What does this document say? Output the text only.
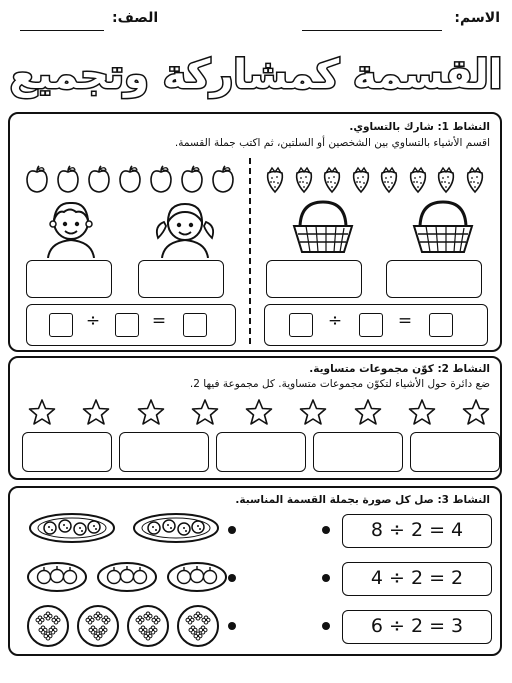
الاسم:
الصف:
القسمة كمشاركة وتجميع
النشاط 1: شارك بالتساوي.
اقسم الأشياء بالتساوي بين الشخصين أو السلتين، ثم اكتب جملة القسمة.
÷	=	÷	=
النشاط 2: كوّن مجموعات متساوية.
ضع دائرة حول الأشياء لتكوّن مجموعات متساوية. كل مجموعة فيها 2.
النشاط 3: صل كل صورة بجملة القسمة المناسبة.
8 ÷ 2 = 4
4 ÷ 2 = 2
6 ÷ 2 = 3
